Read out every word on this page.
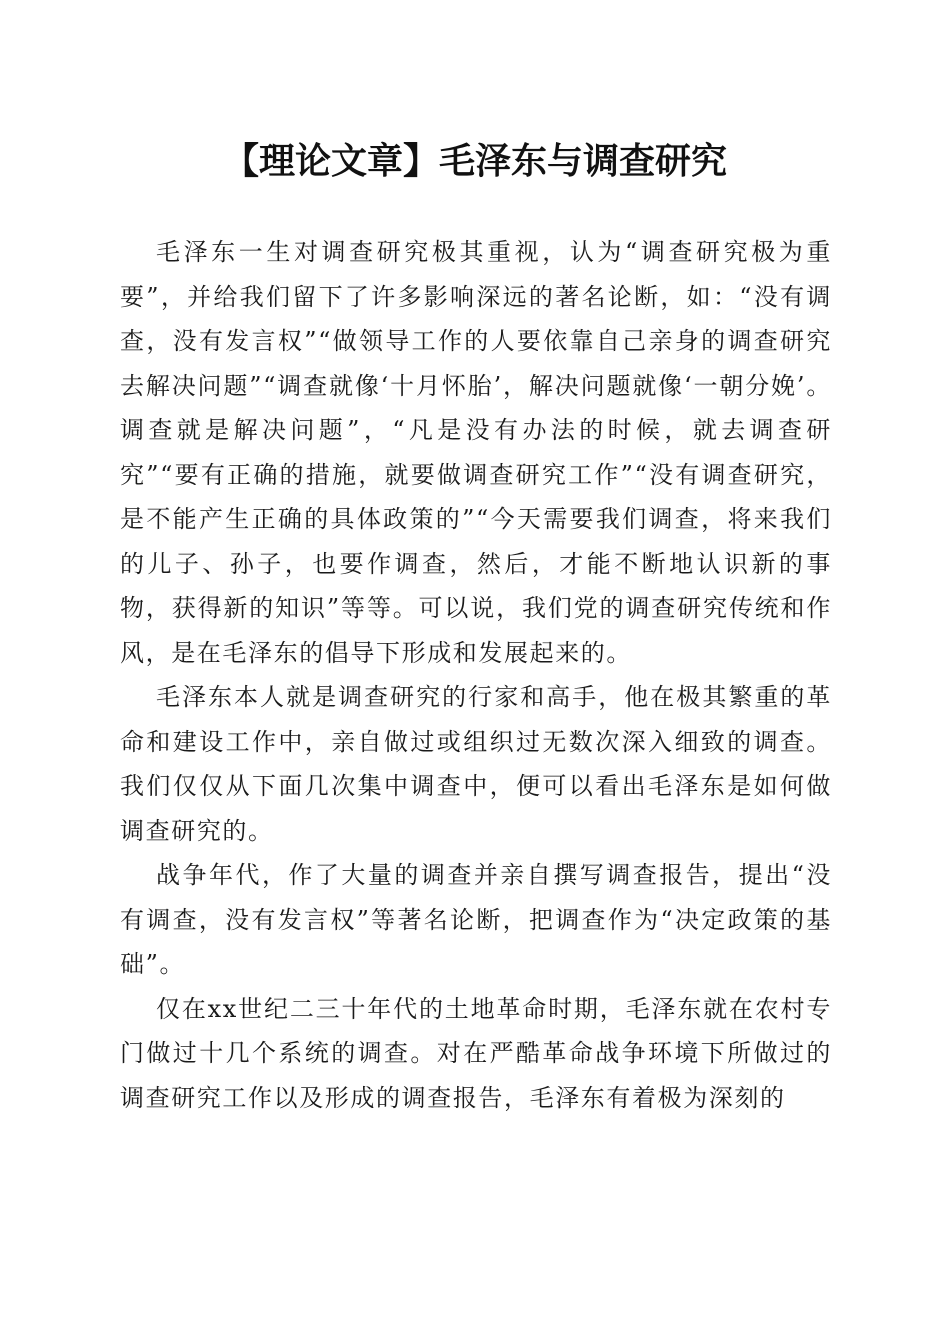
【理论文章】毛泽东与调查研究

毛泽东一生对调查研究极其重视，认为“调查研究极为重要”，并给我们留下了许多影响深远的著名论断，如：“没有调查，没有发言权”“做领导工作的人要依靠自己亲身的调查研究去解决问题”“调查就像‘十月怀胎’，解决问题就像‘一朝分娩’。调查就是解决问题”，“凡是没有办法的时候，就去调查研究”“要有正确的措施，就要做调查研究工作”“没有调查研究，是不能产生正确的具体政策的”“今天需要我们调查，将来我们的儿子、孙子，也要作调查，然后，才能不断地认识新的事物，获得新的知识”等等。可以说，我们党的调查研究传统和作风，是在毛泽东的倡导下形成和发展起来的。

毛泽东本人就是调查研究的行家和高手，他在极其繁重的革命和建设工作中，亲自做过或组织过无数次深入细致的调查。我们仅仅从下面几次集中调查中，便可以看出毛泽东是如何做调查研究的。

战争年代，作了大量的调查并亲自撰写调查报告，提出“没有调查，没有发言权”等著名论断，把调查作为“决定政策的基础”。

仅在xx世纪二三十年代的土地革命时期，毛泽东就在农村专门做过十几个系统的调查。对在严酷革命战争环境下所做过的调查研究工作以及形成的调查报告，毛泽东有着极为深刻的
